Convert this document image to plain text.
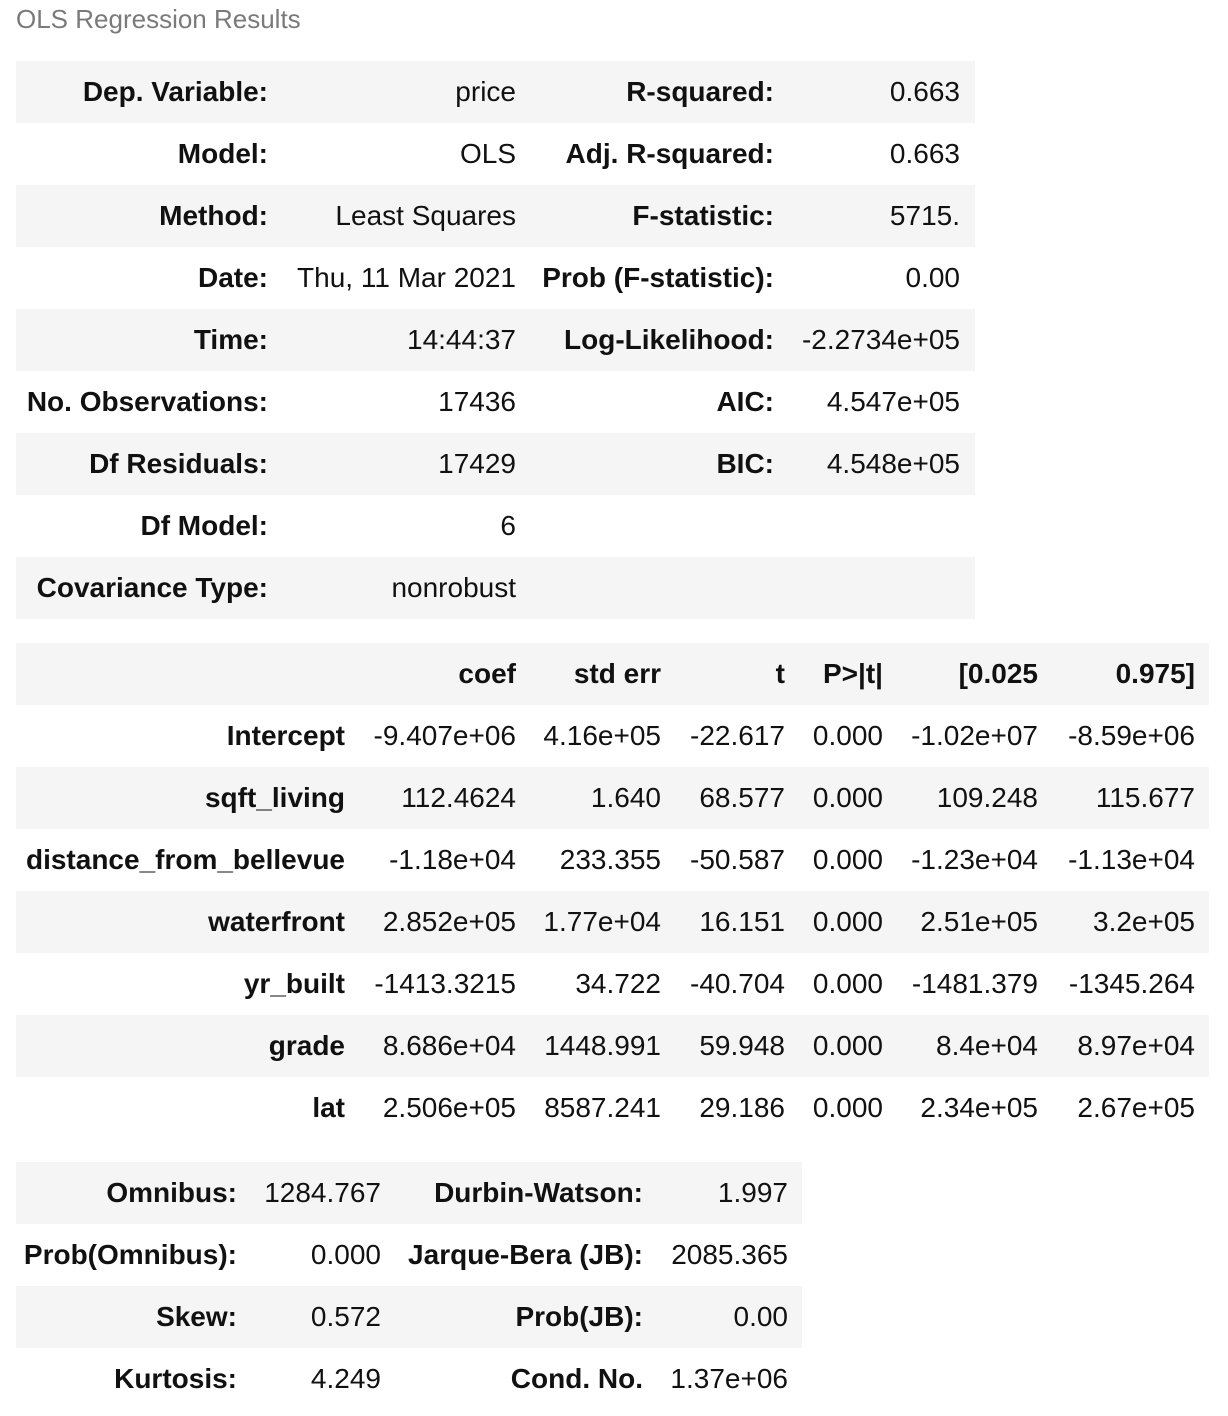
OLS Regression Results
Dep. Variable:	price	R-squared:	0.663
Model:	OLS	Adj. R-squared:	0.663
Method:	Least Squares	F-statistic:	5715.
Date:	Thu, 11 Mar 2021	Prob (F-statistic):	0.00
Time:	14:44:37	Log-Likelihood:	-2.2734e+05
No. Observations:	17436	AIC:	4.547e+05
Df Residuals:	17429	BIC:	4.548e+05
Df Model:	6		
Covariance Type:	nonrobust		
	coef	std err	t	P>|t|	[0.025	0.975]
Intercept	-9.407e+06	4.16e+05	-22.617	0.000	-1.02e+07	-8.59e+06
sqft_living	112.4624	1.640	68.577	0.000	109.248	115.677
distance_from_bellevue	-1.18e+04	233.355	-50.587	0.000	-1.23e+04	-1.13e+04
waterfront	2.852e+05	1.77e+04	16.151	0.000	2.51e+05	3.2e+05
yr_built	-1413.3215	34.722	-40.704	0.000	-1481.379	-1345.264
grade	8.686e+04	1448.991	59.948	0.000	8.4e+04	8.97e+04
lat	2.506e+05	8587.241	29.186	0.000	2.34e+05	2.67e+05
Omnibus:	1284.767	Durbin-Watson:	1.997
Prob(Omnibus):	0.000	Jarque-Bera (JB):	2085.365
Skew:	0.572	Prob(JB):	0.00
Kurtosis:	4.249	Cond. No.	1.37e+06
